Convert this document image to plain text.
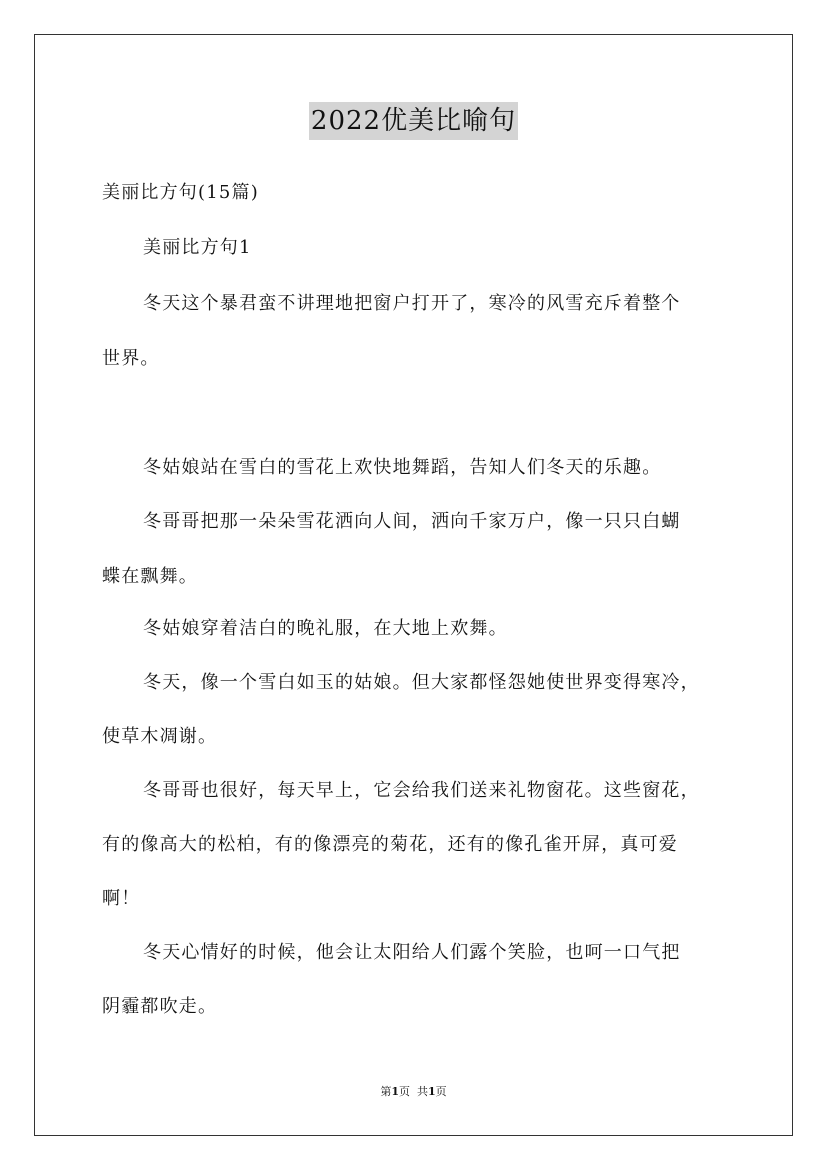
2022优美比喻句
美丽比方句(15篇)
美丽比方句1
冬天这个暴君蛮不讲理地把窗户打开了，寒冷的风雪充斥着整个
世界。
冬姑娘站在雪白的雪花上欢快地舞蹈，告知人们冬天的乐趣。
冬哥哥把那一朵朵雪花洒向人间，洒向千家万户，像一只只白蝴
蝶在飘舞。
冬姑娘穿着洁白的晚礼服，在大地上欢舞。
冬天，像一个雪白如玉的姑娘。但大家都怪怨她使世界变得寒冷，
使草木凋谢。
冬哥哥也很好，每天早上，它会给我们送来礼物窗花。这些窗花，
有的像高大的松柏，有的像漂亮的菊花，还有的像孔雀开屏，真可爱
啊！
冬天心情好的时候，他会让太阳给人们露个笑脸，也呵一口气把
阴霾都吹走。
第1页  共1页
